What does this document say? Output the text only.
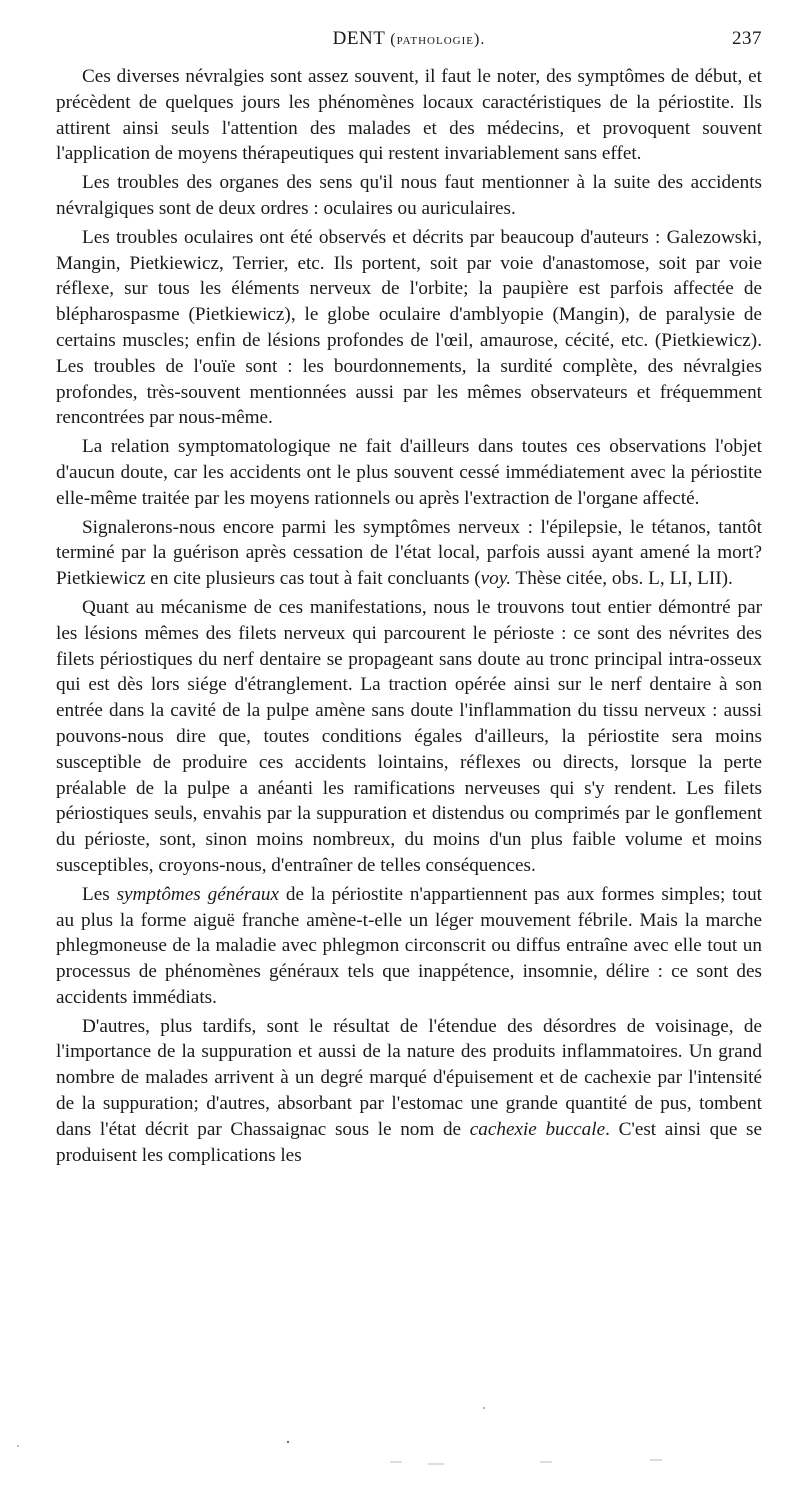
DENT (pathologie).	237

Ces diverses névralgies sont assez souvent, il faut le noter, des symptômes de début, et précèdent de quelques jours les phénomènes locaux caractéristiques de la périostite. Ils attirent ainsi seuls l'attention des malades et des médecins, et provoquent souvent l'application de moyens thérapeutiques qui restent invariablement sans effet.

Les troubles des organes des sens qu'il nous faut mentionner à la suite des accidents névralgiques sont de deux ordres : oculaires ou auriculaires.

Les troubles oculaires ont été observés et décrits par beaucoup d'auteurs : Galezowski, Mangin, Pietkiewicz, Terrier, etc. Ils portent, soit par voie d'anastomose, soit par voie réflexe, sur tous les éléments nerveux de l'orbite; la paupière est parfois affectée de blépharospasme (Pietkiewicz), le globe oculaire d'amblyopie (Mangin), de paralysie de certains muscles; enfin de lésions profondes de l'œil, amaurose, cécité, etc. (Pietkiewicz). Les troubles de l'ouïe sont : les bourdonnements, la surdité complète, des névralgies profondes, très-souvent mentionnées aussi par les mêmes observateurs et fréquemment rencontrées par nous-même.

La relation symptomatologique ne fait d'ailleurs dans toutes ces observations l'objet d'aucun doute, car les accidents ont le plus souvent cessé immédiatement avec la périostite elle-même traitée par les moyens rationnels ou après l'extraction de l'organe affecté.

Signalerons-nous encore parmi les symptômes nerveux : l'épilepsie, le tétanos, tantôt terminé par la guérison après cessation de l'état local, parfois aussi ayant amené la mort? Pietkiewicz en cite plusieurs cas tout à fait concluants (voy. Thèse citée, obs. L, LI, LII).

Quant au mécanisme de ces manifestations, nous le trouvons tout entier démontré par les lésions mêmes des filets nerveux qui parcourent le périoste : ce sont des névrites des filets périostiques du nerf dentaire se propageant sans doute au tronc principal intra-osseux qui est dès lors siége d'étranglement. La traction opérée ainsi sur le nerf dentaire à son entrée dans la cavité de la pulpe amène sans doute l'inflammation du tissu nerveux : aussi pouvons-nous dire que, toutes conditions égales d'ailleurs, la périostite sera moins susceptible de produire ces accidents lointains, réflexes ou directs, lorsque la perte préalable de la pulpe a anéanti les ramifications nerveuses qui s'y rendent. Les filets périostiques seuls, envahis par la suppuration et distendus ou comprimés par le gonflement du périoste, sont, sinon moins nombreux, du moins d'un plus faible volume et moins susceptibles, croyons-nous, d'entraîner de telles conséquences.

Les symptômes généraux de la périostite n'appartiennent pas aux formes simples; tout au plus la forme aiguë franche amène-t-elle un léger mouvement fébrile. Mais la marche phlegmoneuse de la maladie avec phlegmon circonscrit ou diffus entraîne avec elle tout un processus de phénomènes généraux tels que inappétence, insomnie, délire : ce sont des accidents immédiats.

D'autres, plus tardifs, sont le résultat de l'étendue des désordres de voisinage, de l'importance de la suppuration et aussi de la nature des produits inflammatoires. Un grand nombre de malades arrivent à un degré marqué d'épuisement et de cachexie par l'intensité de la suppuration; d'autres, absorbant par l'estomac une grande quantité de pus, tombent dans l'état décrit par Chassaignac sous le nom de cachexie buccale. C'est ainsi que se produisent les complications les
